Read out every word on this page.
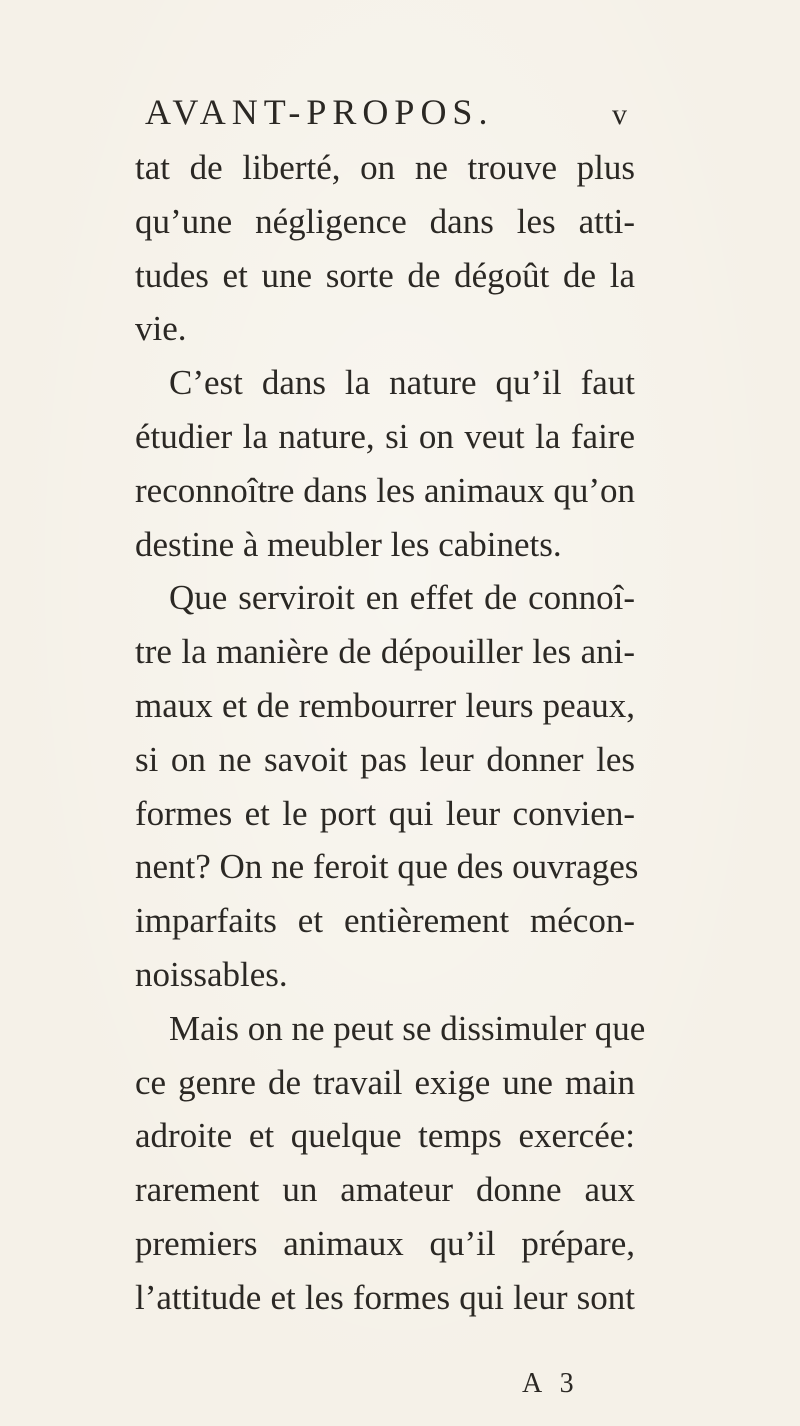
AVANT-PROPOS.	v
tat de liberté, on ne trouve plus
qu’une négligence dans les atti-
tudes et une sorte de dégoût de la
vie.
C’est dans la nature qu’il faut
étudier la nature, si on veut la faire
reconnoître dans les animaux qu’on
destine à meubler les cabinets.
Que serviroit en effet de connoî-
tre la manière de dépouiller les ani-
maux et de rembourrer leurs peaux,
si on ne savoit pas leur donner les
formes et le port qui leur convien-
nent? On ne feroit que des ouvrages
imparfaits et entièrement mécon-
noissables.
Mais on ne peut se dissimuler que
ce genre de travail exige une main
adroite et quelque temps exercée:
rarement un amateur donne aux
premiers animaux qu’il prépare,
l’attitude et les formes qui leur sont
A 3
